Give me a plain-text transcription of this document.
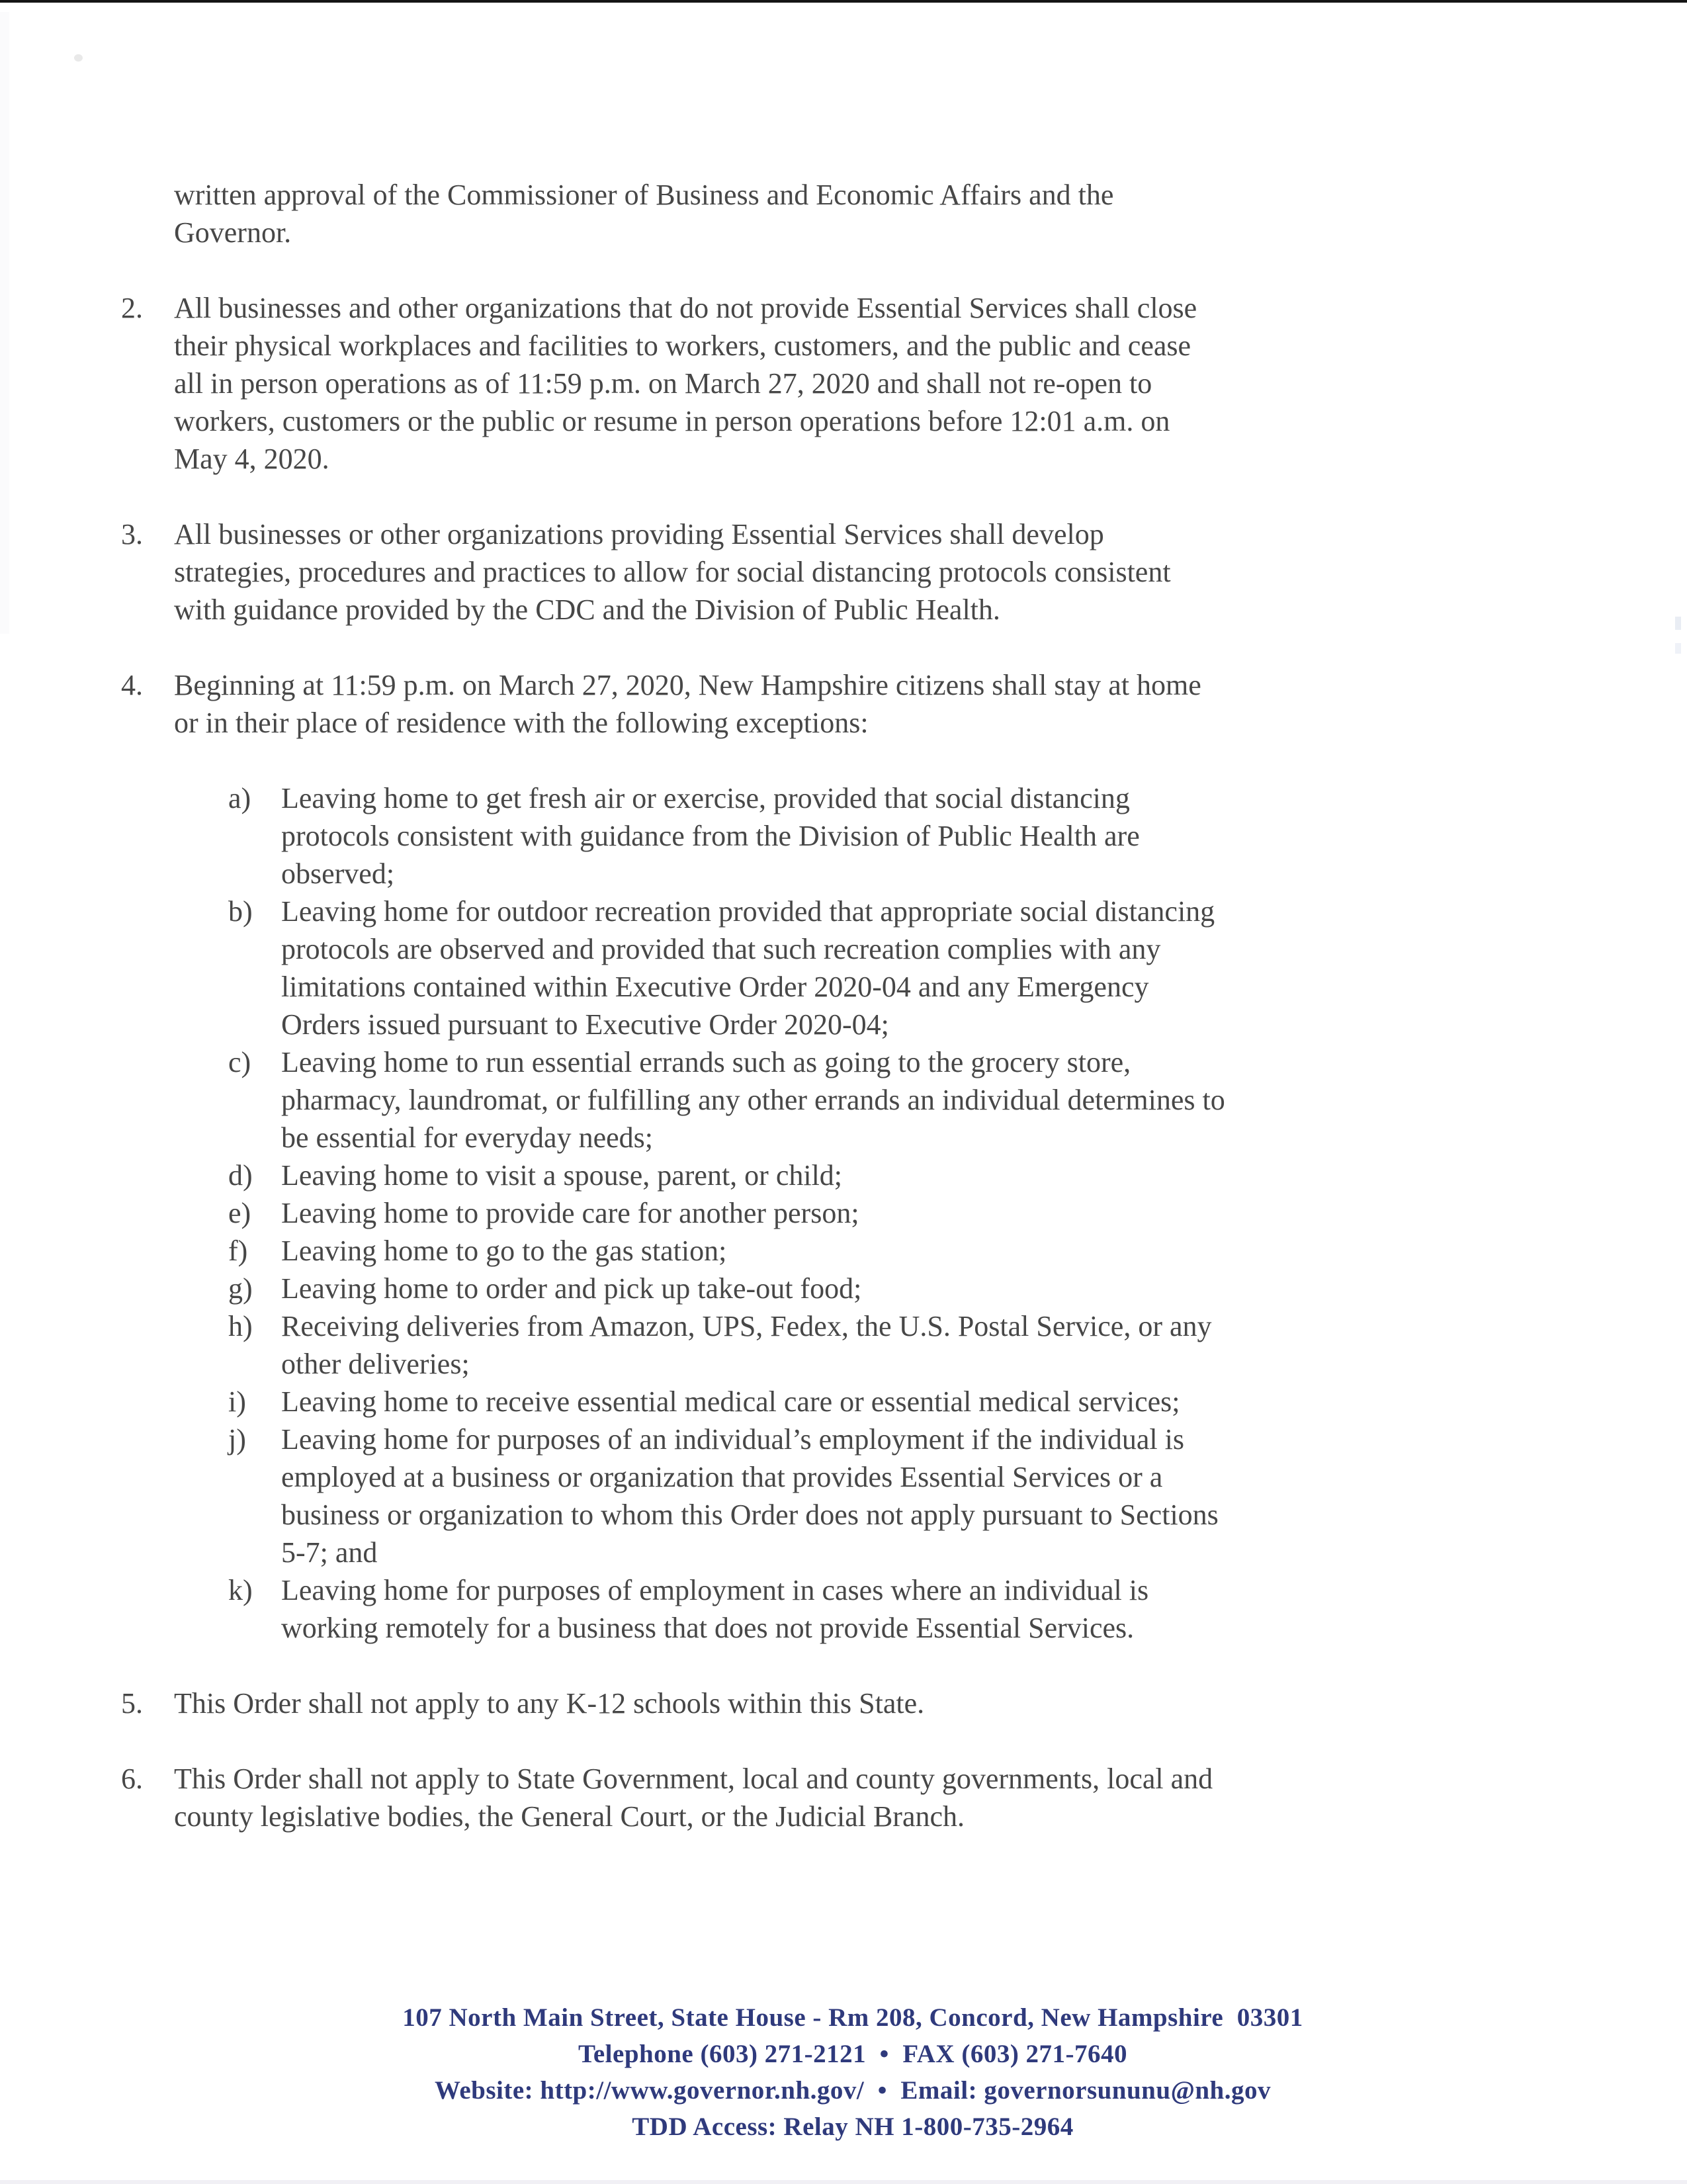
written approval of the Commissioner of Business and Economic Affairs and the
Governor.
2.	All businesses and other organizations that do not provide Essential Services shall close
their physical workplaces and facilities to workers, customers, and the public and cease
all in person operations as of 11:59 p.m. on March 27, 2020 and shall not re-open to
workers, customers or the public or resume in person operations before 12:01 a.m. on
May 4, 2020.
3.	All businesses or other organizations providing Essential Services shall develop
strategies, procedures and practices to allow for social distancing protocols consistent
with guidance provided by the CDC and the Division of Public Health.
4.	Beginning at 11:59 p.m. on March 27, 2020, New Hampshire citizens shall stay at home
or in their place of residence with the following exceptions:
a)	Leaving home to get fresh air or exercise, provided that social distancing
protocols consistent with guidance from the Division of Public Health are
observed;
b) Leaving home for outdoor recreation provided that appropriate social distancing
protocols are observed and provided that such recreation complies with any
limitations contained within Executive Order 2020-04 and any Emergency
Orders issued pursuant to Executive Order 2020-04;
c)	Leaving home to run essential errands such as going to the grocery store,
pharmacy, laundromat, or fulfilling any other errands an individual determines to
be essential for everyday needs;
d) Leaving home to visit a spouse, parent, or child;
e)	Leaving home to provide care for another person;
f)	Leaving home to go to the gas station;
g) Leaving home to order and pick up take-out food;
h) Receiving deliveries from Amazon, UPS, Fedex, the U.S. Postal Service, or any
other deliveries;
i)	Leaving home to receive essential medical care or essential medical services;
j)	Leaving home for purposes of an individual’s employment if the individual is
employed at a business or organization that provides Essential Services or a
business or organization to whom this Order does not apply pursuant to Sections
5-7; and
k) Leaving home for purposes of employment in cases where an individual is
working remotely for a business that does not provide Essential Services.
5.	This Order shall not apply to any K-12 schools within this State.
6.	This Order shall not apply to State Government, local and county governments, local and
county legislative bodies, the General Court, or the Judicial Branch.
107 North Main Street, State House - Rm 208, Concord, New Hampshire  03301
Telephone (603) 271-2121  •  FAX (603) 271-7640
Website: http://www.governor.nh.gov/  •  Email: governorsununu@nh.gov
TDD Access: Relay NH 1-800-735-2964
